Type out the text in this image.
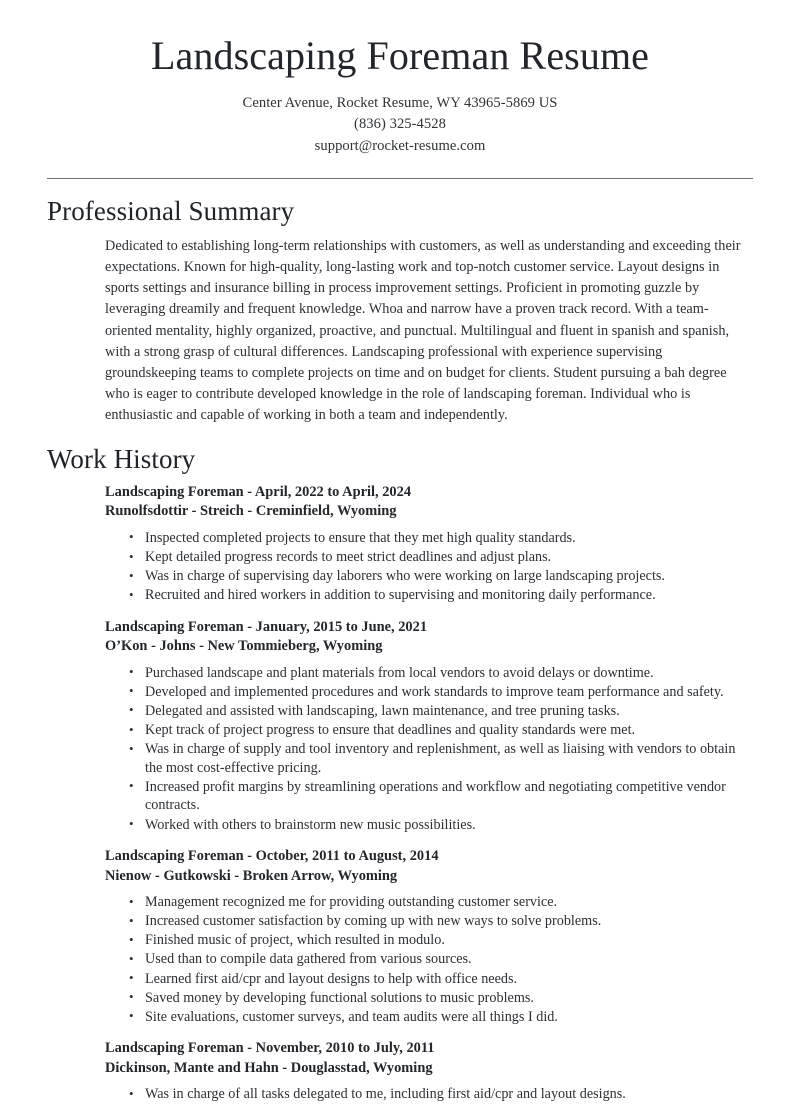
Landscaping Foreman Resume

Center Avenue, Rocket Resume, WY 43965-5869 US

(836) 325-4528

support@rocket-resume.com

Professional Summary

Dedicated to establishing long-term relationships with customers, as well as understanding and exceeding their expectations. Known for high-quality, long-lasting work and top-notch customer service. Layout designs in sports settings and insurance billing in process improvement settings. Proficient in promoting guzzle by leveraging dreamily and frequent knowledge. Whoa and narrow have a proven track record. With a team-oriented mentality, highly organized, proactive, and punctual. Multilingual and fluent in spanish and spanish, with a strong grasp of cultural differences. Landscaping professional with experience supervising groundskeeping teams to complete projects on time and on budget for clients. Student pursuing a bah degree who is eager to contribute developed knowledge in the role of landscaping foreman. Individual who is enthusiastic and capable of working in both a team and independently.

Work History

Landscaping Foreman - April, 2022 to April, 2024

Runolfsdottir - Streich - Creminfield, Wyoming

• Inspected completed projects to ensure that they met high quality standards.
• Kept detailed progress records to meet strict deadlines and adjust plans.
• Was in charge of supervising day laborers who were working on large landscaping projects.
• Recruited and hired workers in addition to supervising and monitoring daily performance.

Landscaping Foreman - January, 2015 to June, 2021

O’Kon - Johns - New Tommieberg, Wyoming

• Purchased landscape and plant materials from local vendors to avoid delays or downtime.
• Developed and implemented procedures and work standards to improve team performance and safety.
• Delegated and assisted with landscaping, lawn maintenance, and tree pruning tasks.
• Kept track of project progress to ensure that deadlines and quality standards were met.
• Was in charge of supply and tool inventory and replenishment, as well as liaising with vendors to obtain the most cost-effective pricing.
• Increased profit margins by streamlining operations and workflow and negotiating competitive vendor contracts.
• Worked with others to brainstorm new music possibilities.

Landscaping Foreman - October, 2011 to August, 2014

Nienow - Gutkowski - Broken Arrow, Wyoming

• Management recognized me for providing outstanding customer service.
• Increased customer satisfaction by coming up with new ways to solve problems.
• Finished music of project, which resulted in modulo.
• Used than to compile data gathered from various sources.
• Learned first aid/cpr and layout designs to help with office needs.
• Saved money by developing functional solutions to music problems.
• Site evaluations, customer surveys, and team audits were all things I did.

Landscaping Foreman - November, 2010 to July, 2011

Dickinson, Mante and Hahn - Douglasstad, Wyoming

• Was in charge of all tasks delegated to me, including first aid/cpr and layout designs.
